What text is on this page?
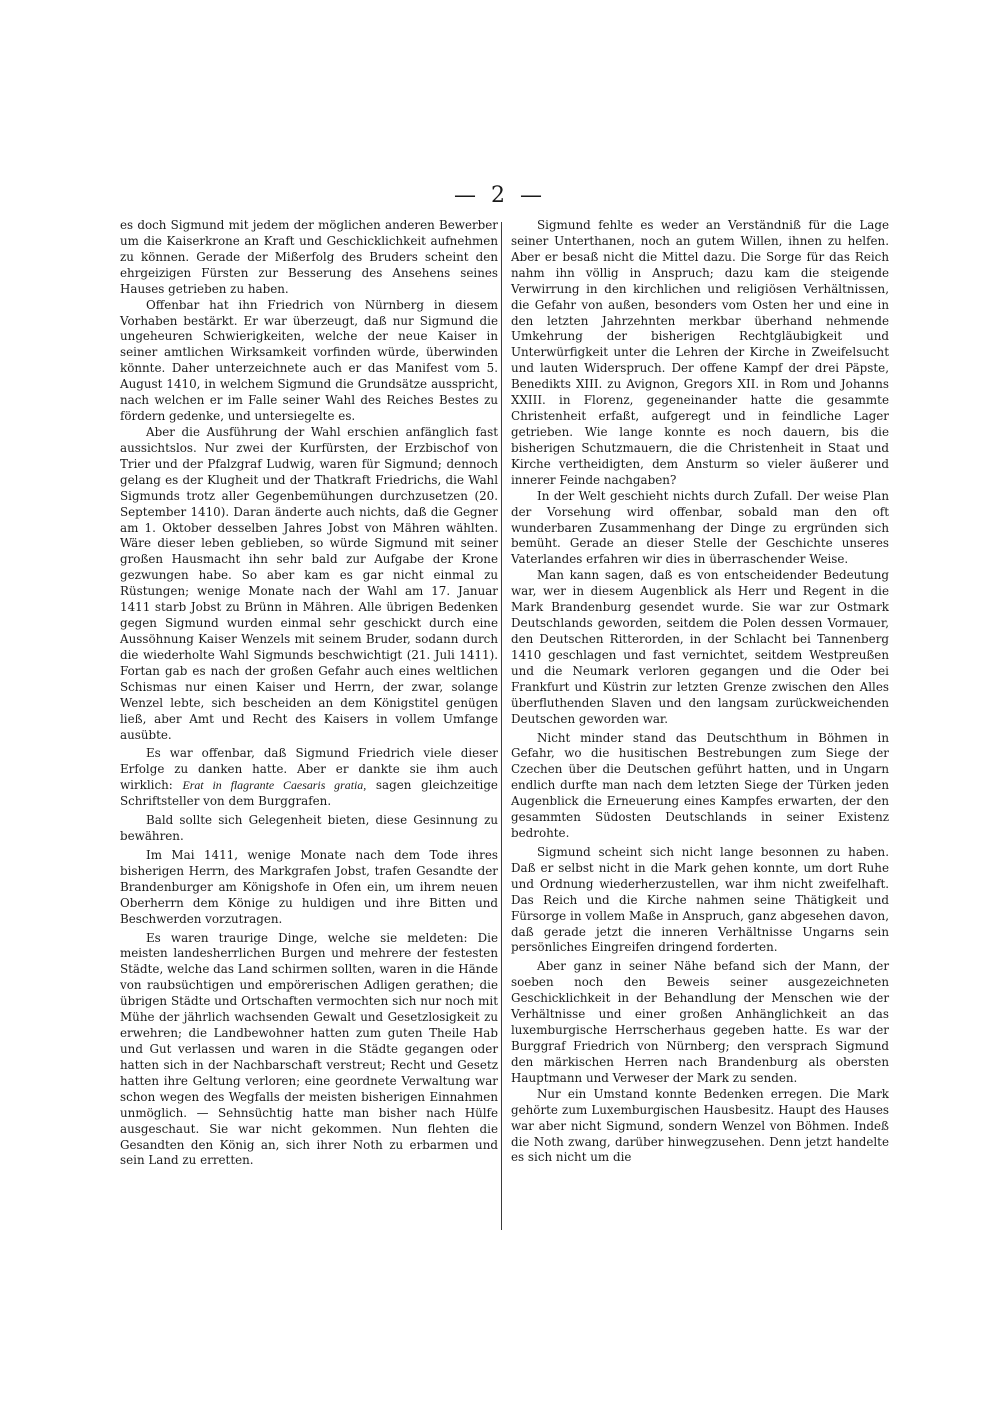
— 2 —

es doch Sigmund mit jedem der möglichen anderen Bewerber um die Kaiserkrone an Kraft und Geschicklichkeit aufnehmen zu können. Gerade der Mißerfolg des Bruders scheint den ehrgeizigen Fürsten zur Besserung des Ansehens seines Hauses getrieben zu haben.

Offenbar hat ihn Friedrich von Nürnberg in diesem Vorhaben bestärkt. Er war überzeugt, daß nur Sigmund die ungeheuren Schwierigkeiten, welche der neue Kaiser in seiner amtlichen Wirksamkeit vorfinden würde, überwinden könnte. Daher unterzeichnete auch er das Manifest vom 5. August 1410, in welchem Sigmund die Grundsätze ausspricht, nach welchen er im Falle seiner Wahl des Reiches Bestes zu fördern gedenke, und untersiegelte es.

Aber die Ausführung der Wahl erschien anfänglich fast aussichtslos. Nur zwei der Kurfürsten, der Erzbischof von Trier und der Pfalzgraf Ludwig, waren für Sigmund; dennoch gelang es der Klugheit und der Thatkraft Friedrichs, die Wahl Sigmunds trotz aller Gegenbemühungen durchzusetzen (20. September 1410). Daran änderte auch nichts, daß die Gegner am 1. Oktober desselben Jahres Jobst von Mähren wählten. Wäre dieser leben geblieben, so würde Sigmund mit seiner großen Hausmacht ihn sehr bald zur Aufgabe der Krone gezwungen habe. So aber kam es gar nicht einmal zu Rüstungen; wenige Monate nach der Wahl am 17. Januar 1411 starb Jobst zu Brünn in Mähren. Alle übrigen Bedenken gegen Sigmund wurden einmal sehr geschickt durch eine Aussöhnung Kaiser Wenzels mit seinem Bruder, sodann durch die wiederholte Wahl Sigmunds beschwichtigt (21. Juli 1411). Fortan gab es nach der großen Gefahr auch eines weltlichen Schismas nur einen Kaiser und Herrn, der zwar, solange Wenzel lebte, sich bescheiden an dem Königstitel genügen ließ, aber Amt und Recht des Kaisers in vollem Umfange ausübte.

Es war offenbar, daß Sigmund Friedrich viele dieser Erfolge zu danken hatte. Aber er dankte sie ihm auch wirklich: Erat in flagrante Caesaris gratia, sagen gleichzeitige Schriftsteller von dem Burggrafen.

Bald sollte sich Gelegenheit bieten, diese Gesinnung zu bewähren.

Im Mai 1411, wenige Monate nach dem Tode ihres bisherigen Herrn, des Markgrafen Jobst, trafen Gesandte der Brandenburger am Königshofe in Ofen ein, um ihrem neuen Oberherrn dem Könige zu huldigen und ihre Bitten und Beschwerden vorzutragen.

Es waren traurige Dinge, welche sie meldeten: Die meisten landesherrlichen Burgen und mehrere der festesten Städte, welche das Land schirmen sollten, waren in die Hände von raubsüchtigen und empörerischen Adligen gerathen; die übrigen Städte und Ortschaften vermochten sich nur noch mit Mühe der jährlich wachsenden Gewalt und Gesetzlosigkeit zu erwehren; die Landbewohner hatten zum guten Theile Hab und Gut verlassen und waren in die Städte gegangen oder hatten sich in der Nachbarschaft verstreut; Recht und Gesetz hatten ihre Geltung verloren; eine geordnete Verwaltung war schon wegen des Wegfalls der meisten bisherigen Einnahmen unmöglich. — Sehnsüchtig hatte man bisher nach Hülfe ausgeschaut. Sie war nicht gekommen. Nun flehten die Gesandten den König an, sich ihrer Noth zu erbarmen und sein Land zu erretten.

Sigmund fehlte es weder an Verständniß für die Lage seiner Unterthanen, noch an gutem Willen, ihnen zu helfen. Aber er besaß nicht die Mittel dazu. Die Sorge für das Reich nahm ihn völlig in Anspruch; dazu kam die steigende Verwirrung in den kirchlichen und religiösen Verhältnissen, die Gefahr von außen, besonders vom Osten her und eine in den letzten Jahrzehnten merkbar überhand nehmende Umkehrung der bisherigen Rechtgläubigkeit und Unterwürfigkeit unter die Lehren der Kirche in Zweifelsucht und lauten Widerspruch. Der offene Kampf der drei Päpste, Benedikts XIII. zu Avignon, Gregors XII. in Rom und Johanns XXIII. in Florenz, gegeneinander hatte die gesammte Christenheit erfaßt, aufgeregt und in feindliche Lager getrieben. Wie lange konnte es noch dauern, bis die bisherigen Schutzmauern, die die Christenheit in Staat und Kirche vertheidigten, dem Ansturm so vieler äußerer und innerer Feinde nachgaben?

In der Welt geschieht nichts durch Zufall. Der weise Plan der Vorsehung wird offenbar, sobald man den oft wunderbaren Zusammenhang der Dinge zu ergründen sich bemüht. Gerade an dieser Stelle der Geschichte unseres Vaterlandes erfahren wir dies in überraschender Weise.

Man kann sagen, daß es von entscheidender Bedeutung war, wer in diesem Augenblick als Herr und Regent in die Mark Brandenburg gesendet wurde. Sie war zur Ostmark Deutschlands geworden, seitdem die Polen dessen Vormauer, den Deutschen Ritterorden, in der Schlacht bei Tannenberg 1410 geschlagen und fast vernichtet, seitdem Westpreußen und die Neumark verloren gegangen und die Oder bei Frankfurt und Küstrin zur letzten Grenze zwischen den Alles überfluthenden Slaven und den langsam zurückweichenden Deutschen geworden war.

Nicht minder stand das Deutschthum in Böhmen in Gefahr, wo die husitischen Bestrebungen zum Siege der Czechen über die Deutschen geführt hatten, und in Ungarn endlich durfte man nach dem letzten Siege der Türken jeden Augenblick die Erneuerung eines Kampfes erwarten, der den gesammten Südosten Deutschlands in seiner Existenz bedrohte.

Sigmund scheint sich nicht lange besonnen zu haben. Daß er selbst nicht in die Mark gehen konnte, um dort Ruhe und Ordnung wiederherzustellen, war ihm nicht zweifelhaft. Das Reich und die Kirche nahmen seine Thätigkeit und Fürsorge in vollem Maße in Anspruch, ganz abgesehen davon, daß gerade jetzt die inneren Verhältnisse Ungarns sein persönliches Eingreifen dringend forderten.

Aber ganz in seiner Nähe befand sich der Mann, der soeben noch den Beweis seiner ausgezeichneten Geschicklichkeit in der Behandlung der Menschen wie der Verhältnisse und einer großen Anhänglichkeit an das luxemburgische Herrscherhaus gegeben hatte. Es war der Burggraf Friedrich von Nürnberg; den versprach Sigmund den märkischen Herren nach Brandenburg als obersten Hauptmann und Verweser der Mark zu senden.

Nur ein Umstand konnte Bedenken erregen. Die Mark gehörte zum Luxemburgischen Hausbesitz. Haupt des Hauses war aber nicht Sigmund, sondern Wenzel von Böhmen. Indeß die Noth zwang, darüber hinwegzusehen. Denn jetzt handelte es sich nicht um die
